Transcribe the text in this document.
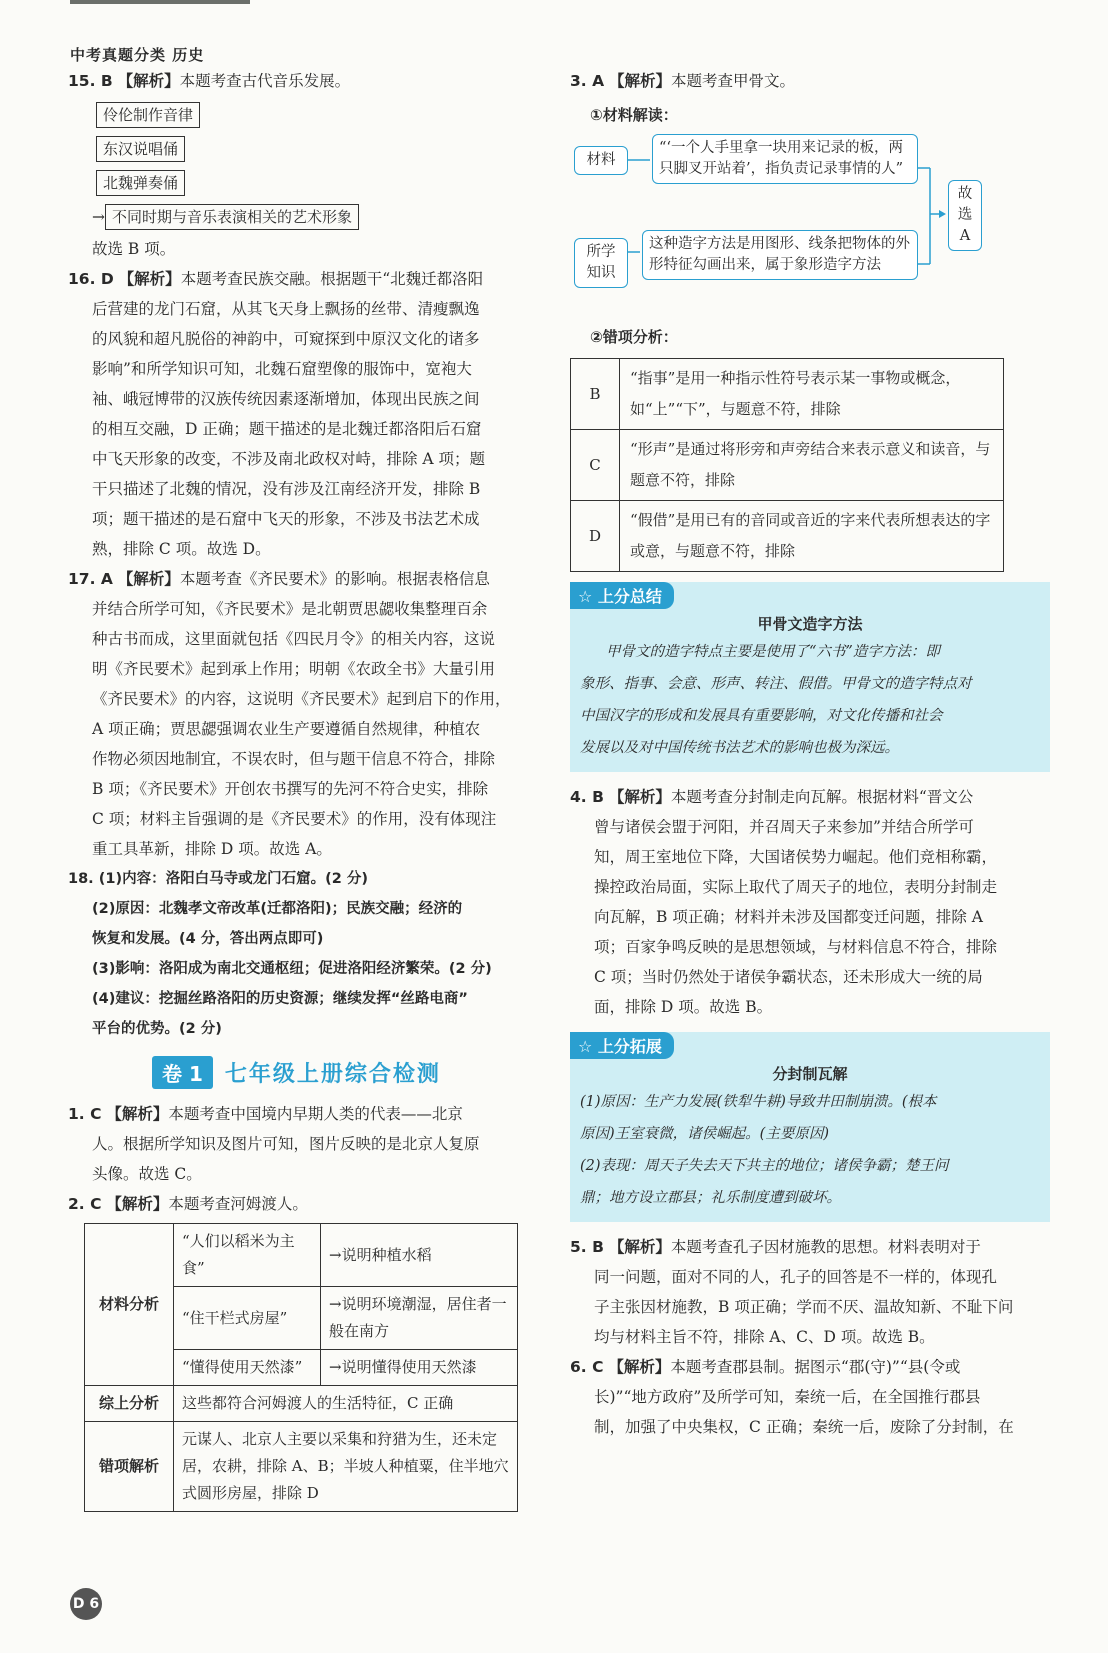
中考真题分类 历史

15. B 【解析】本题考查古代音乐发展。

伶伦制作音律
东汉说唱俑
北魏弹奏俑
→ 不同时期与音乐表演相关的艺术形象

故选 B 项。

16. D 【解析】本题考查民族交融。根据题干“北魏迁都洛阳

后营建的龙门石窟，从其飞天身上飘扬的丝带、清瘦飘逸

的风貌和超凡脱俗的神韵中，可窥探到中原汉文化的诸多

影响”和所学知识可知，北魏石窟塑像的服饰中，宽袍大

袖、峨冠博带的汉族传统因素逐渐增加，体现出民族之间

的相互交融，D 正确；题干描述的是北魏迁都洛阳后石窟

中飞天形象的改变，不涉及南北政权对峙，排除 A 项；题

干只描述了北魏的情况，没有涉及江南经济开发，排除 B

项；题干描述的是石窟中飞天的形象，不涉及书法艺术成

熟，排除 C 项。故选 D。

17. A 【解析】本题考查《齐民要术》的影响。根据表格信息

并结合所学可知，《齐民要术》是北朝贾思勰收集整理百余

种古书而成，这里面就包括《四民月令》的相关内容，这说

明《齐民要术》起到承上作用；明朝《农政全书》大量引用

《齐民要术》的内容，这说明《齐民要术》起到启下的作用，

A 项正确；贾思勰强调农业生产要遵循自然规律，种植农

作物必须因地制宜，不误农时，但与题干信息不符合，排除

B 项；《齐民要术》开创农书撰写的先河不符合史实，排除

C 项；材料主旨强调的是《齐民要术》的作用，没有体现注

重工具革新，排除 D 项。故选 A。

18. (1)内容：洛阳白马寺或龙门石窟。(2 分)

(2)原因：北魏孝文帝改革(迁都洛阳)；民族交融；经济的

恢复和发展。(4 分，答出两点即可)

(3)影响：洛阳成为南北交通枢纽；促进洛阳经济繁荣。(2 分)

(4)建议：挖掘丝路洛阳的历史资源；继续发挥“丝路电商”

平台的优势。(2 分)

卷 1	七年级上册综合检测

1. C 【解析】本题考查中国境内早期人类的代表——北京

人。根据所学知识及图片可知，图片反映的是北京人复原

头像。故选 C。

2. C 【解析】本题考查河姆渡人。

材料分析	“人们以稻米为主食”	→说明种植水稻
	“住干栏式房屋”	→说明环境潮湿，居住者一般在南方
	“懂得使用天然漆”	→说明懂得使用天然漆
综上分析	这些都符合河姆渡人的生活特征，C 正确	
错项解析	元谋人、北京人主要以采集和狩猎为生，还未定居，农耕，排除 A、B；半坡人种植粟，住半地穴式圆形房屋，排除 D	

3. A 【解析】本题考查甲骨文。

①材料解读：
材料
“‘一个人手里拿一块用来记录的板，两只脚叉开站着’，指负责记录事情的人”
所学知识
这种造字方法是用图形、线条把物体的外形特征勾画出来，属于象形造字方法
故选A
②错项分析：
B	“指事”是用一种指示性符号表示某一事物或概念，如“上”“下”，与题意不符，排除
C	“形声”是通过将形旁和声旁结合来表示意义和读音，与题意不符，排除
D	“假借”是用已有的音同或音近的字来代表所想表达的字或意，与题意不符，排除
☆ 上分总结
甲骨文造字方法

甲骨文的造字特点主要是使用了“六书”造字方法：即

象形、指事、会意、形声、转注、假借。甲骨文的造字特点对

中国汉字的形成和发展具有重要影响，对文化传播和社会

发展以及对中国传统书法艺术的影响也极为深远。

4. B 【解析】本题考查分封制走向瓦解。根据材料“晋文公

曾与诸侯会盟于河阳，并召周天子来参加”并结合所学可

知，周王室地位下降，大国诸侯势力崛起。他们竞相称霸，

操控政治局面，实际上取代了周天子的地位，表明分封制走

向瓦解，B 项正确；材料并未涉及国都变迁问题，排除 A

项；百家争鸣反映的是思想领域，与材料信息不符合，排除

C 项；当时仍然处于诸侯争霸状态，还未形成大一统的局

面，排除 D 项。故选 B。

☆ 上分拓展
分封制瓦解

(1)原因：生产力发展(铁犁牛耕)导致井田制崩溃。(根本

原因)王室衰微，诸侯崛起。(主要原因)

(2)表现：周天子失去天下共主的地位；诸侯争霸；楚王问

鼎；地方设立郡县；礼乐制度遭到破坏。

5. B 【解析】本题考查孔子因材施教的思想。材料表明对于

同一问题，面对不同的人，孔子的回答是不一样的，体现孔

子主张因材施教，B 项正确；学而不厌、温故知新、不耻下问

均与材料主旨不符，排除 A、C、D 项。故选 B。

6. C 【解析】本题考查郡县制。据图示“郡(守)”“县(令或

长)”“地方政府”及所学可知，秦统一后，在全国推行郡县

制，加强了中央集权，C 正确；秦统一后，废除了分封制，在

D 6
